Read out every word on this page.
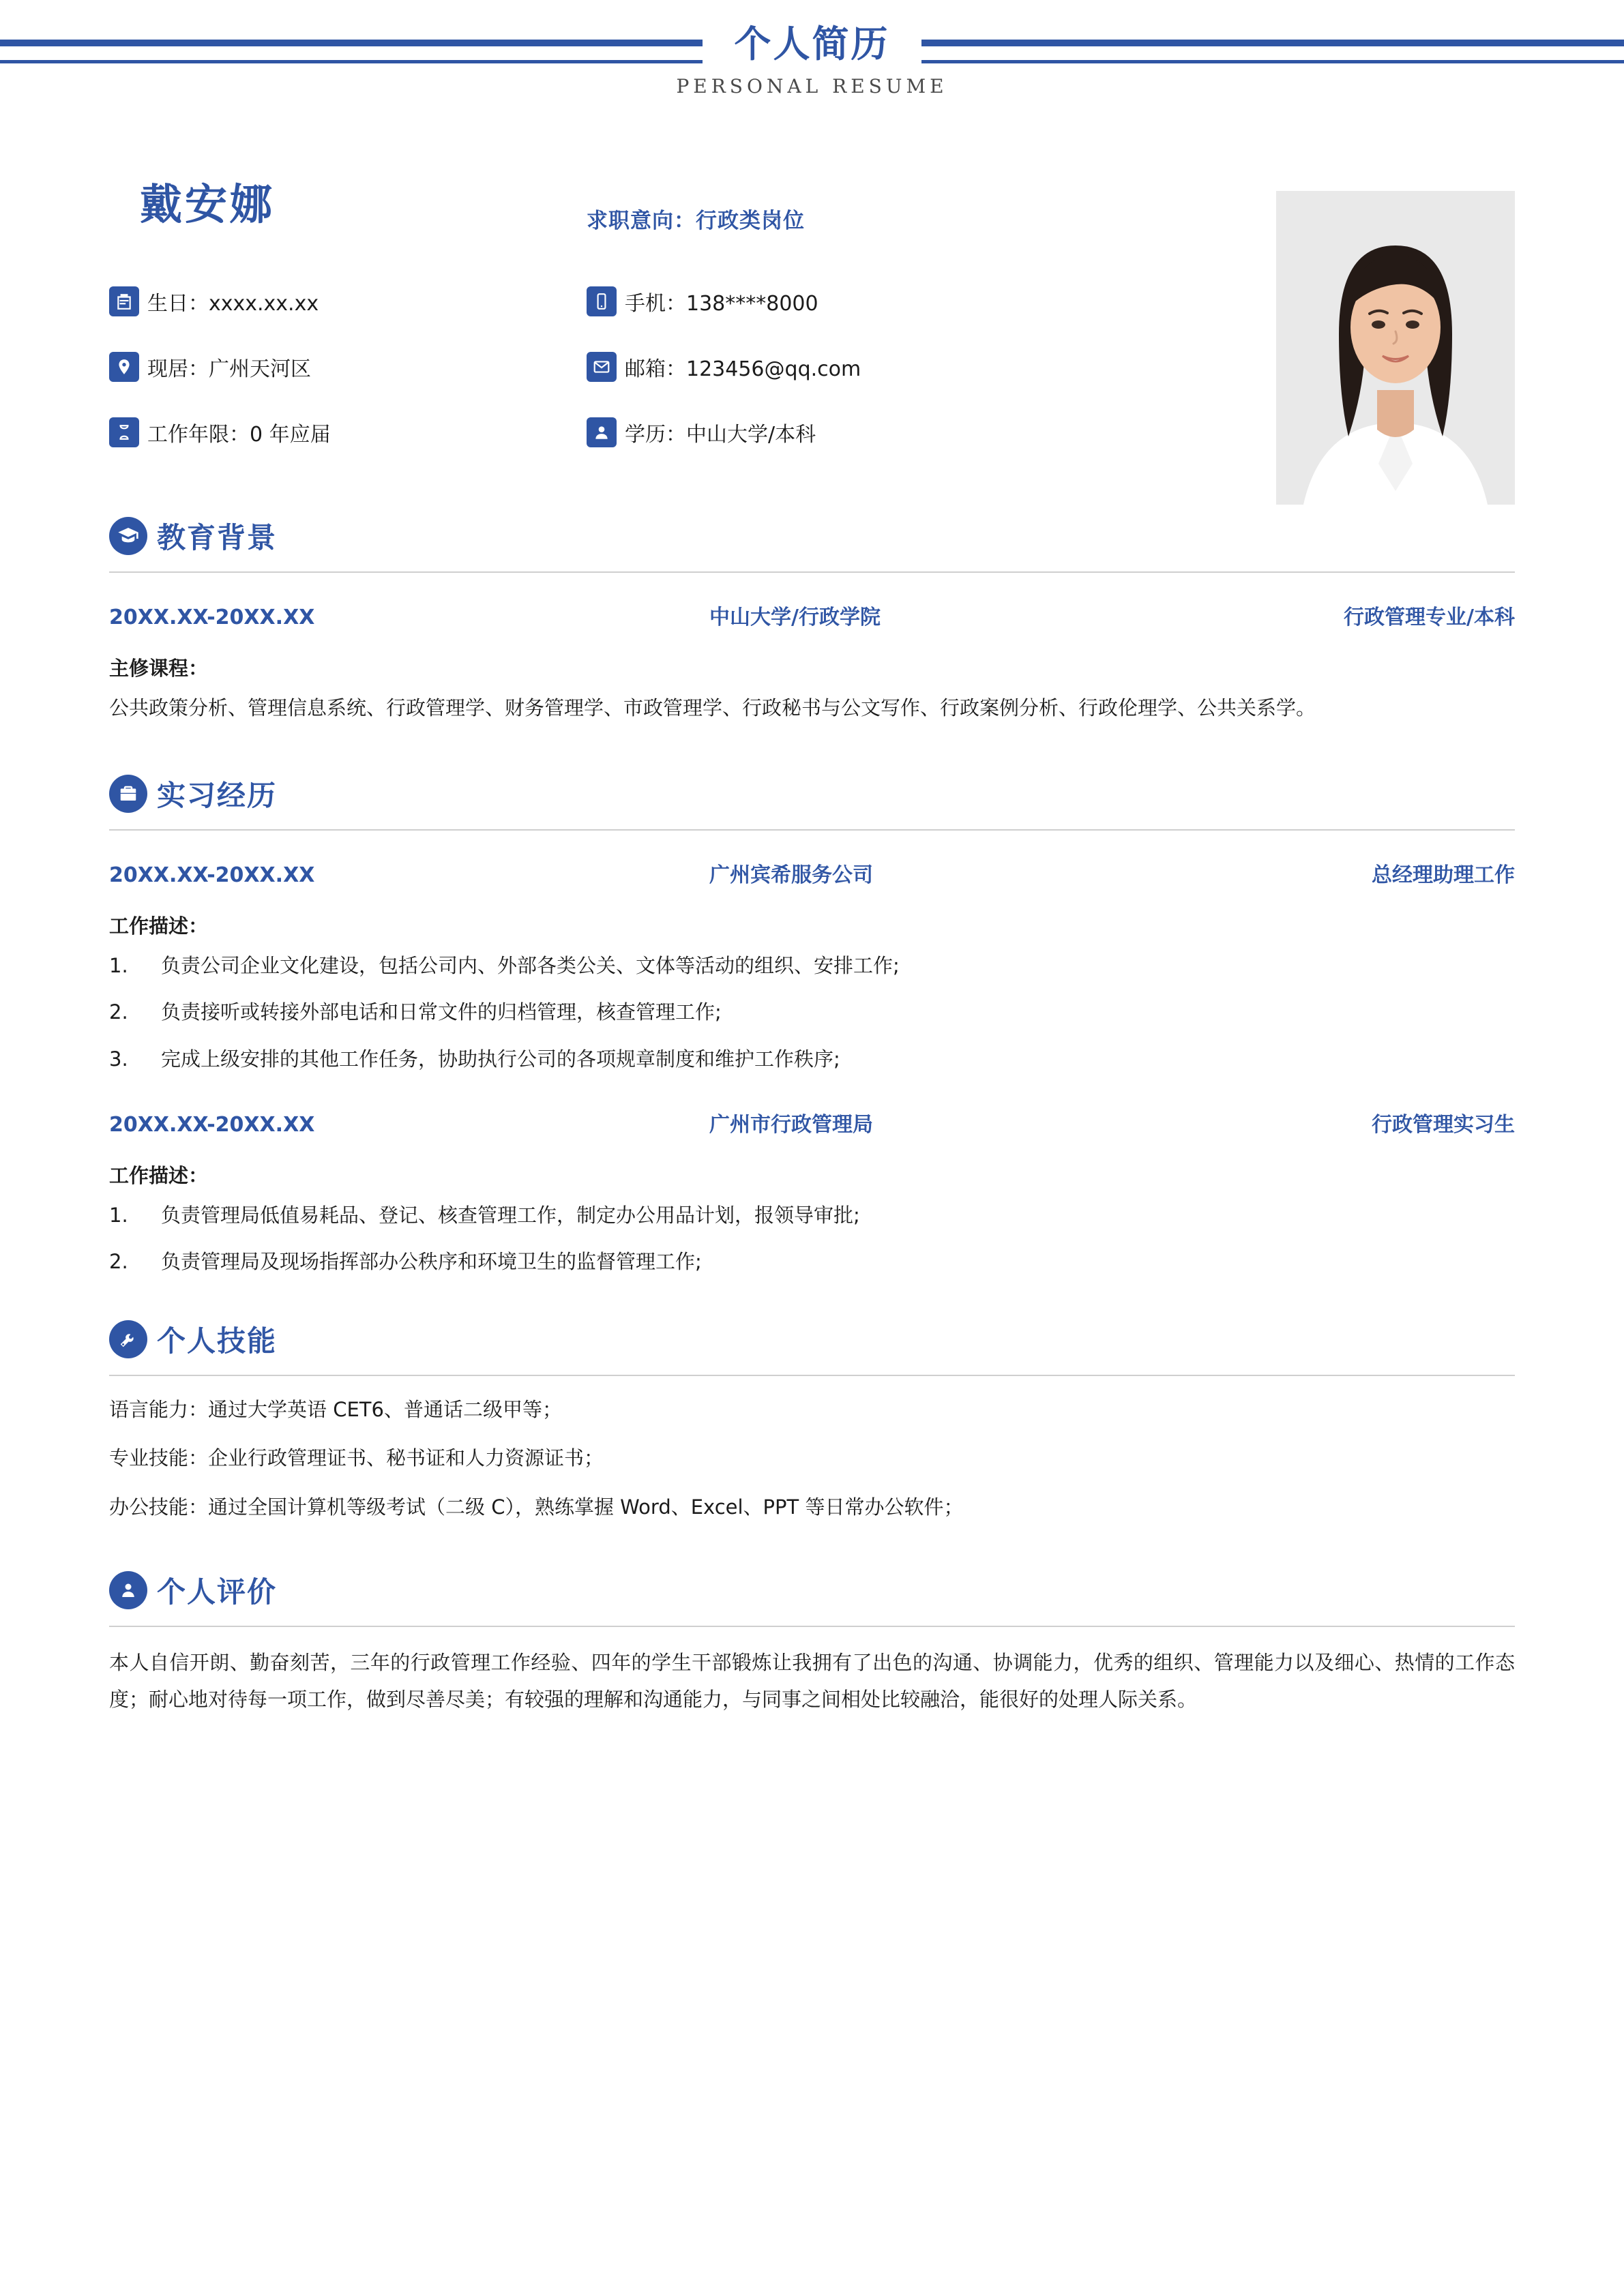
个人简历
PERSONAL RESUME
戴安娜	求职意向：行政类岗位
生日：xxxx.xx.xx	手机：138****8000
现居：广州天河区	邮箱：123456@qq.com
工作年限：0 年应届	学历：中山大学/本科
教育背景
20XX.XX-20XX.XX	中山大学/行政学院	行政管理专业/本科
主修课程：
公共政策分析、管理信息系统、行政管理学、财务管理学、市政管理学、行政秘书与公文写作、行政案例分析、行政伦理学、公共关系学。
实习经历
20XX.XX-20XX.XX	广州宾希服务公司	总经理助理工作
工作描述：
1.	负责公司企业文化建设，包括公司内、外部各类公关、文体等活动的组织、安排工作;
2.	负责接听或转接外部电话和日常文件的归档管理，核查管理工作;
3.	完成上级安排的其他工作任务，协助执行公司的各项规章制度和维护工作秩序;
20XX.XX-20XX.XX	广州市行政管理局	行政管理实习生
工作描述：
1.	负责管理局低值易耗品、登记、核查管理工作，制定办公用品计划，报领导审批;
2.	负责管理局及现场指挥部办公秩序和环境卫生的监督管理工作;
个人技能
语言能力：通过大学英语 CET6、普通话二级甲等；
专业技能：企业行政管理证书、秘书证和人力资源证书；
办公技能：通过全国计算机等级考试（二级 C），熟练掌握 Word、Excel、PPT 等日常办公软件；
个人评价
本人自信开朗、勤奋刻苦，三年的行政管理工作经验、四年的学生干部锻炼让我拥有了出色的沟通、协调能力，优秀的组织、管理能力以及细心、热情的工作态度；耐心地对待每一项工作，做到尽善尽美；有较强的理解和沟通能力，与同事之间相处比较融洽，能很好的处理人际关系。
